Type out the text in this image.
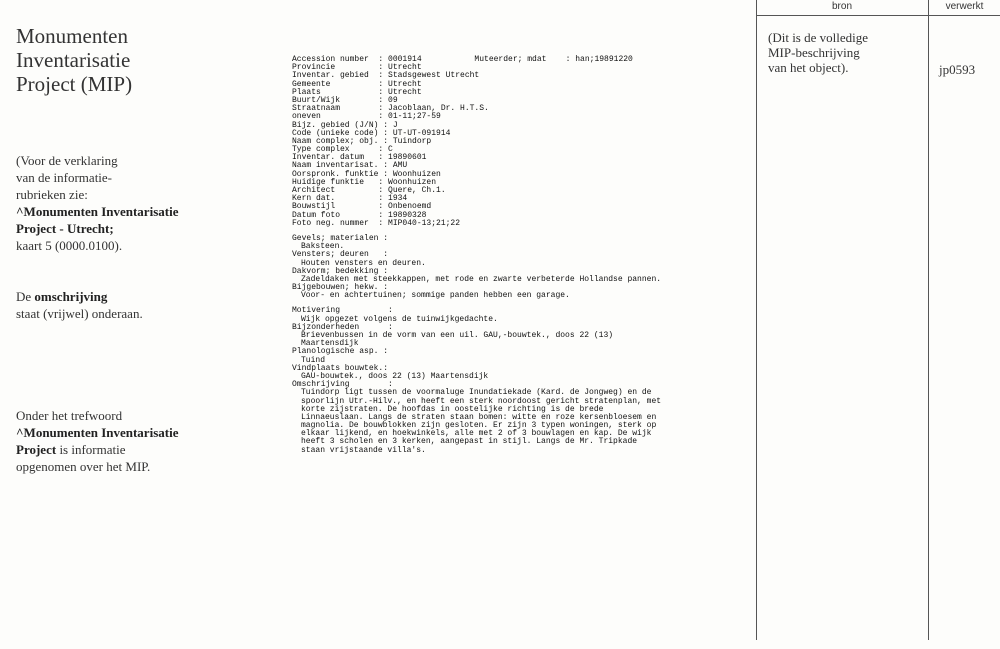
Monumenten
Inventarisatie
Project (MIP)
(Voor de verklaring
van de informatie-
rubrieken zie:
^Monumenten Inventarisatie
Project - Utrecht;
kaart 5 (0000.0100).
De omschrijving
staat (vrijwel) onderaan.
Onder het trefwoord
^Monumenten Inventarisatie
Project is informatie
opgenomen over het MIP.
Accession number  : 0001914           Muteerder; mdat    : han;19891220
Provincie         : Utrecht
Inventar. gebied  : Stadsgewest Utrecht
Gemeente          : Utrecht
Plaats            : Utrecht
Buurt/Wijk        : 09
Straatnaam        : Jacoblaan, Dr. H.T.S.
oneven            : 01-11;27-59
Bijz. gebied (J/N) : J
Code (unieke code) : UT-UT-091914
Naam complex; obj. : Tuindorp
Type complex      : C
Inventar. datum   : 19890601
Naam inventarisat. : AMU
Oorspronk. funktie : Woonhuizen
Huidige funktie   : Woonhuizen
Architect         : Quere, Ch.1.
Kern dat.         : 1934
Bouwstijl         : Onbenoemd
Datum foto        : 19890328
Foto neg. nummer  : MIP040-13;21;22
Gevels; materialen :
Baksteen.
Vensters; deuren   :
Houten vensters en deuren.
Dakvorm; bedekking :
Zadeldaken met steekkappen, met rode en zwarte verbeterde Hollandse pannen.
Bijgebouwen; hekw. :
Voor- en achtertuinen; sommige panden hebben een garage.
Motivering          :
Wijk opgezet volgens de tuinwijkgedachte.
Bijzonderheden      :
Brievenbussen in de vorm van een uil. GAU,-bouwtek., doos 22 (13)
Maartensdijk
Planologische asp. :
Tuind
Vindplaats bouwtek.:
GAU-bouwtek., doos 22 (13) Maartensdijk
Omschrijving        :
Tuindorp ligt tussen de voormaluge Inundatiekade (Kard. de Jongweg) en de
spoorlijn Utr.-Hilv., en heeft een sterk noordoost gericht stratenplan, met
korte zijstraten. De hoofdas in oostelijke richting is de brede
Linnaeuslaan. Langs de straten staan bomen: witte en roze kersenbloesem en
magnolia. De bouwblokken zijn gesloten. Er zijn 3 typen woningen, sterk op
elkaar lijkend, en hoekwinkels, alle met 2 of 3 bouwlagen en kap. De wijk
heeft 3 scholen en 3 kerken, aangepast in stijl. Langs de Mr. Tripkade
staan vrijstaande villa's.
bron	verwerkt
(Dit is de volledige
MIP-beschrijving
van het object).	jp0593
